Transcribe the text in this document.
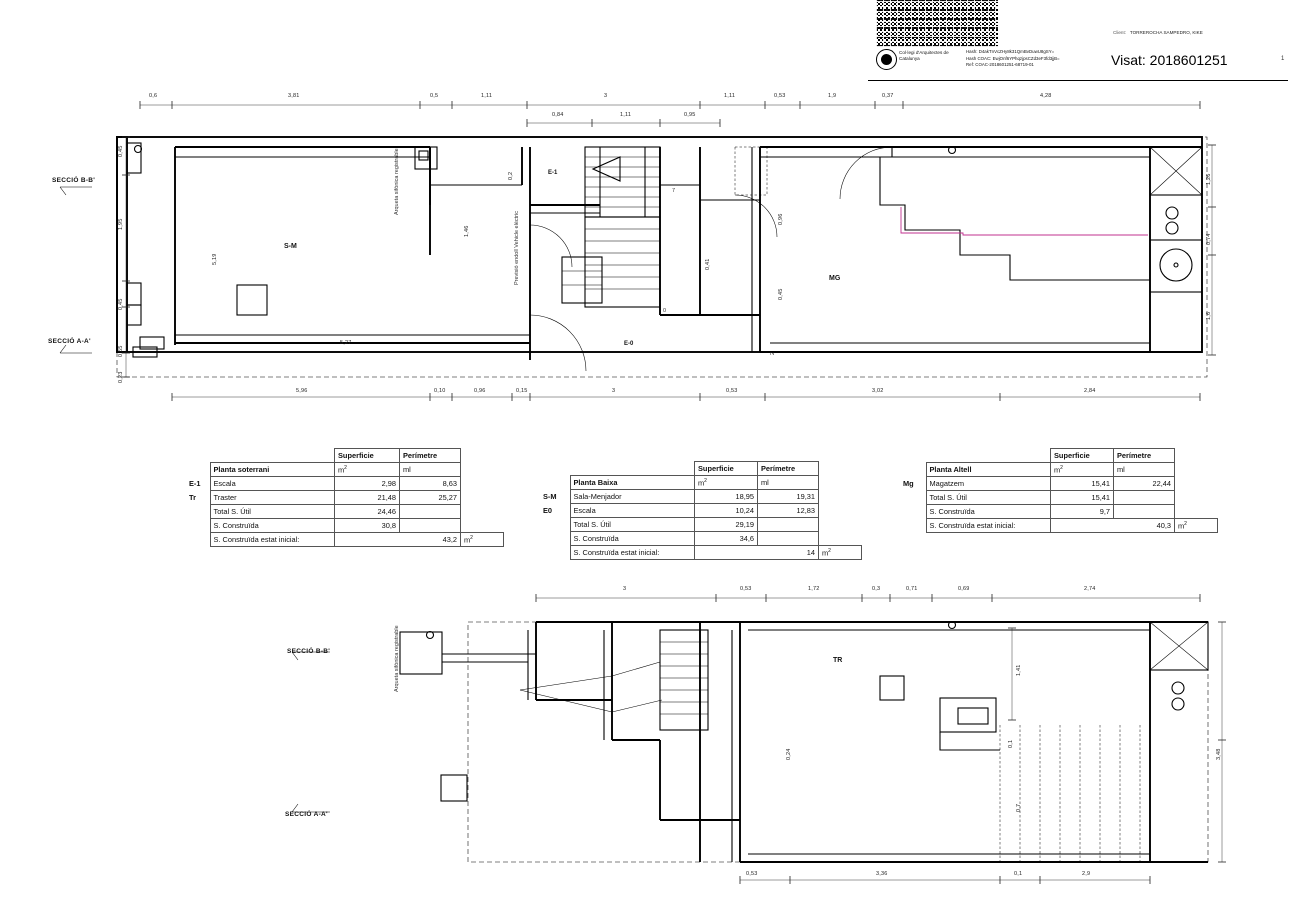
Client: TORREROCHA SAMPEDRO, KIKE
Col·legi d'Arquitectes de Catalunya
Hash: D4akTnVcZHy8k31QmBvDuwU8gSY=
Hash COAC: EwjOnf6YPhqzjpsCZd3eF3fd3jjB=
Ref: COAC-2018601251-68719-01	Visat: 2018601251	1
S-M
E-1
E-0
MG
7
0
SECCIÓ B-B'
SECCIÓ A-A'
Arqueta sifònica registrable
Previsió endoll Vehicle elèctric
0,6	3,81	0,5	1,11	3	1,11	0,53	1,9	0,37	4,28
0,84	1,11	0,95
5,96	0,10	0,96	0,15	3	0,53	3,02	2,84
0,45
1,95
5,19
0,45
0,55
0,23
1,26
0,74
1,6
0,2
1,46
0,96
0,45
0,41
2
5,27
		Superficie	Perímetre	
	Planta soterrani	$m^2$	ml	
E-1	Escala	2,98	8,63	
Tr	Traster	21,48	25,27	
	Total S. Útil	24,46		
	S. Construïda	30,8		
	S. Construïda estat inicial:		43,2	$m^2$
		Superficie	Perímetre	
	Planta Baixa	$m^2$	ml	
S-M	Sala-Menjador	18,95	19,31	
E0	Escala	10,24	12,83	
	Total S. Útil	29,19		
	S. Construïda	34,6		
	S. Construïda estat inicial:		14	$m^2$
		Superficie	Perímetre	
	Planta Altell	$m^2$	ml	
Mg	Magatzem	15,41	22,44	
	Total S. Útil	15,41		
	S. Construïda	9,7		
	S. Construïda estat inicial:		40,3	$m^2$
TR
SECCIÓ B-B'
SECCIÓ A-A'
Arqueta sifònica registrable
3	0,53	1,72	0,3	0,71	0,69	2,74
0,53	3,36	0,1	2,9
1,41
3,48
0,7
0,24
0,1
